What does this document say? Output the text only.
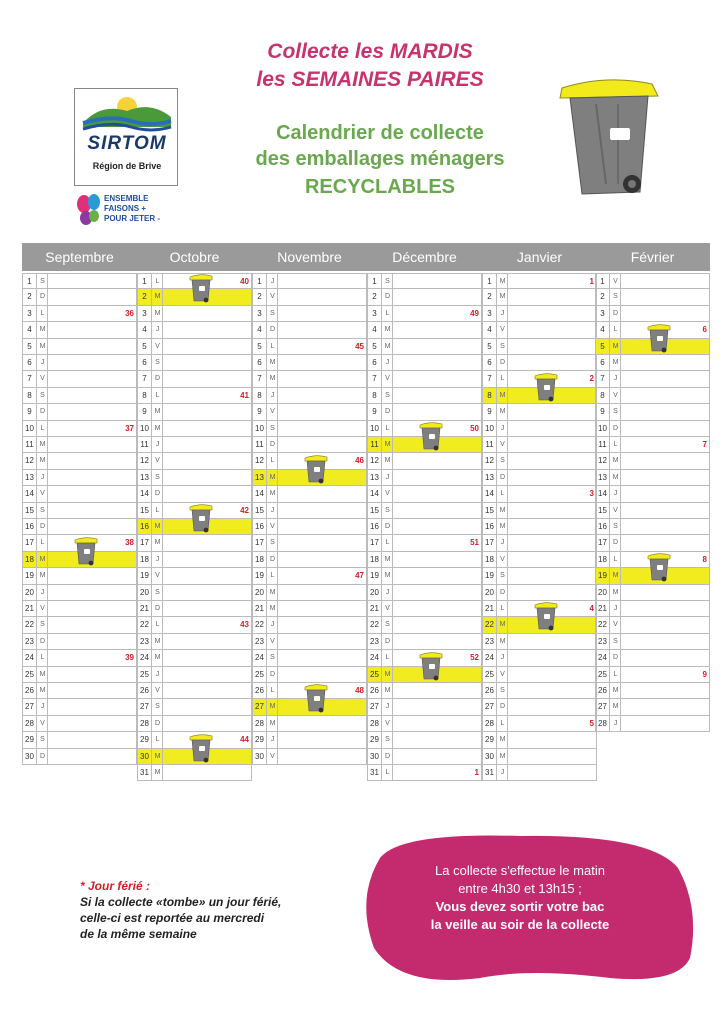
Collecte les MARDIS
les SEMAINES PAIRES
Calendrier de collecte
des emballages ménagers
RECYCLABLES
SIRTOM
Région de Brive
ENSEMBLE
FAISONS +
POUR JETER -
Septembre	Octobre	Novembre	Décembre	Janvier	Février
1	S
2	D
3	L	36
4	M
5	M
6	J
7	V
8	S
9	D
10 L	37
11 M
12 M
13 J
14 V
15 S
16 D
17 L	38
18 M
19 M
20 J
21 V
22 S
23 D
24 L	39
25 M
26 M
27 J
28 V
29 S
30 D
1	L	40
2	M
3	M
4	J
5	V
6	S
7	D
8	L	41
9	M
10 M
11	J
12 V
13 S
14 D
15 L	42
16 M
17 M
18 J
19 V
20 S
21 D
22 L	43
23 M
24 M
25 J
26 V
27 S
28 D
29 L	44
30 M
31 M
1	J
2	V
3	S
4	D
5	L	45
6	M
7	M
8	J
9	V
10 S
11 D
12 L	46
13 M
14 M
15 J
16 V
17 S
18 D
19 L	47
20 M
21 M
22 J
23 V
24 S
25 D
26 L	48
27 M
28 M
29 J
30 V
1	S
2	D
3	L	49
4	M
5	M
6	J
7	V
8	S
9	D
10 L	50
11 M
12 M
13 J
14 V
15 S
16 D
17 L	51
18 M
19 M
20 J
21 V
22 S
23 D
24 L	52
25 M
26 M
27 J
28 V
29 S
30 D
31 L	1
1	M	1
2	M
3	J
4	V
5	S
6	D
7	L	2
8	M
9	M
10 J
11 V
12 S
13 D
14 L	3
15 M
16 M
17 J
18 V
19 S
20 D
21 L	4
22 M
23 M
24 J
25 V
26 S
27 D
28 L	5
29 M
30 M
31 J
1	V
2	S
3	D
4	L	6
5	M
6	M
7	J
8	V
9	S
10 D
11 L	7
12 M
13 M
14 J
15 V
16 S
17 D
18 L	8
19 M
20 M
21 J
22 V
23 S
24 D
25 L	9
26 M
27 M
28 J
* Jour férié :
Si la collecte «tombe» un jour férié,
celle-ci est reportée au mercredi
de la même semaine
La collecte s'effectue le matin
entre 4h30 et 13h15 ;
Vous devez sortir votre bac
la veille au soir de la collecte
